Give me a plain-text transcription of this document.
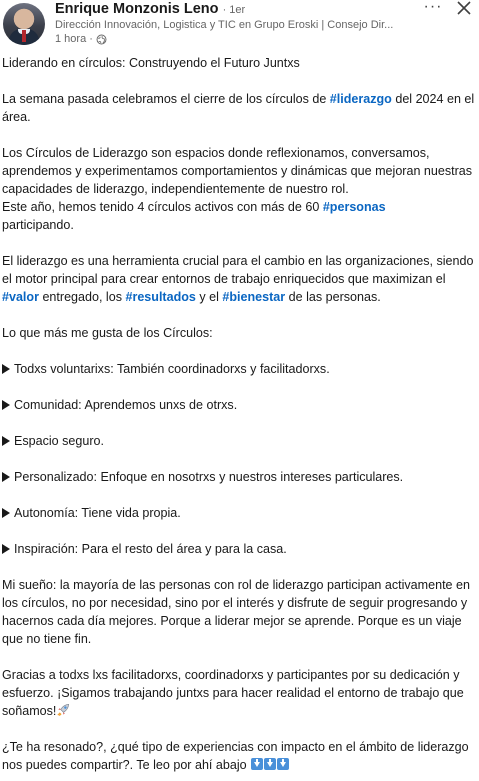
Enrique Monzonis Leno · 1er
Dirección Innovación, Logistica y TIC en Grupo Eroski | Consejo Dir...
1 hora ·
···
Liderando en círculos: Construyendo el Futuro Juntxs
La semana pasada celebramos el cierre de los círculos de #liderazgo del 2024 en el área.
Los Círculos de Liderazgo son espacios donde reflexionamos, conversamos, aprendemos y experimentamos comportamientos y dinámicas que mejoran nuestras capacidades de liderazgo, independientemente de nuestro rol.
Este año, hemos tenido 4 círculos activos con más de 60 #personas
participando.
El liderazgo es una herramienta crucial para el cambio en las organizaciones, siendo el motor principal para crear entornos de trabajo enriquecidos que maximizan el #valor entregado, los #resultados y el #bienestar de las personas.
Lo que más me gusta de los Círculos:
Todxs voluntarixs: También coordinadorxs y facilitadorxs.
Comunidad: Aprendemos unxs de otrxs.
Espacio seguro.
Personalizado: Enfoque en nosotrxs y nuestros intereses particulares.
Autonomía: Tiene vida propia.
Inspiración: Para el resto del área y para la casa.
Mi sueño: la mayoría de las personas con rol de liderazgo participan activamente en los círculos, no por necesidad, sino por el interés y disfrute de seguir progresando y hacernos cada día mejores. Porque a liderar mejor se aprende. Porque es un viaje que no tiene fin.
Gracias a todxs lxs facilitadorxs, coordinadorxs y participantes por su dedicación y esfuerzo. ¡Sigamos trabajando juntxs para hacer realidad el entorno de trabajo que soñamos!
¿Te ha resonado?, ¿qué tipo de experiencias con impacto en el ámbito de liderazgo nos puedes compartir?. Te leo por ahí abajo
